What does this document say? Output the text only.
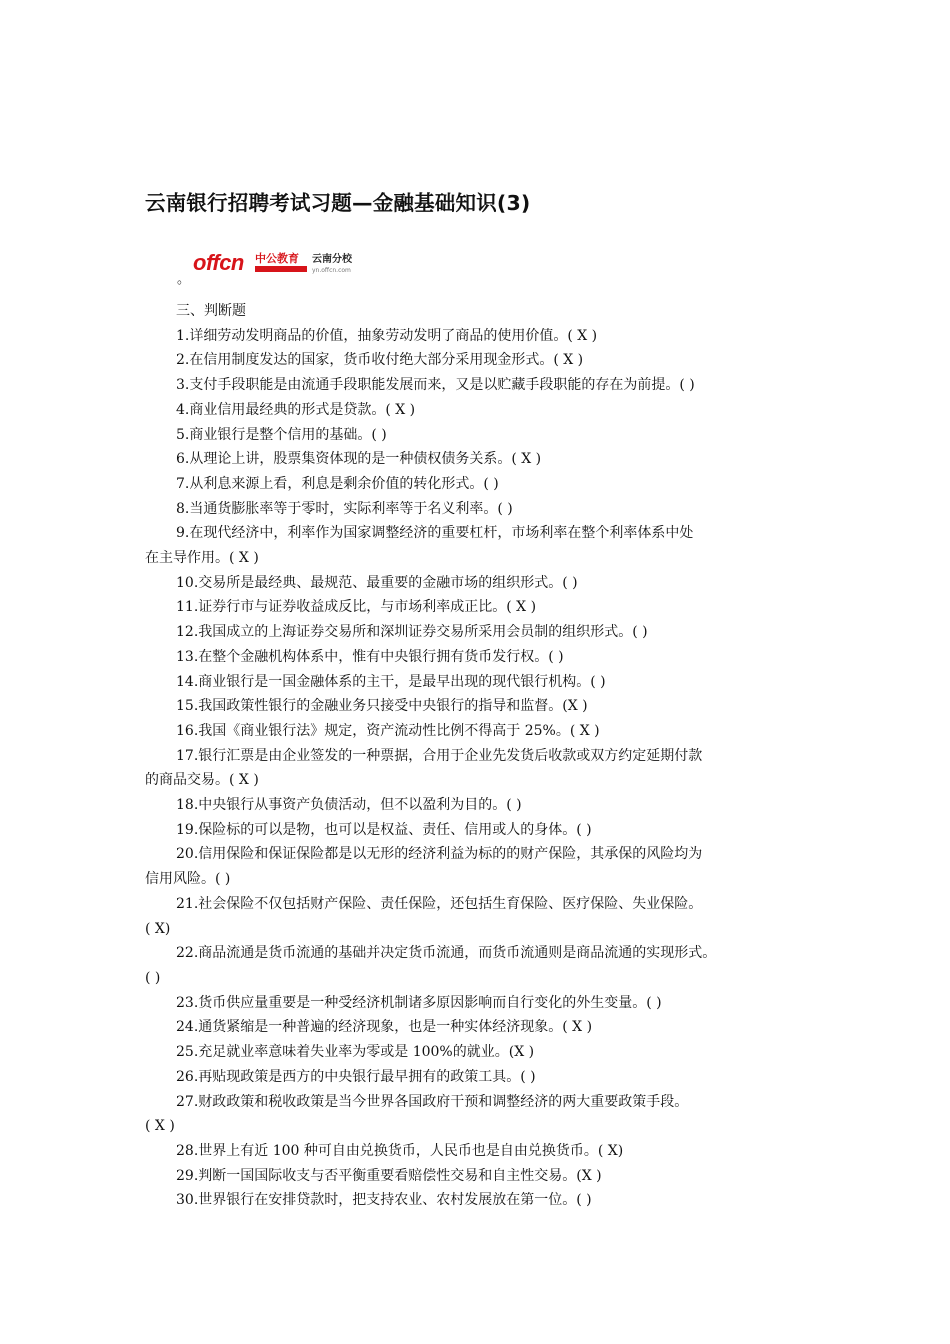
云南银行招聘考试习题—金融基础知识(3)
offcn 中公教育 云南分校
yn.offcn.com
。
三、判断题
1.详细劳动发明商品的价值，抽象劳动发明了商品的使用价值。( X )
2.在信用制度发达的国家，货币收付绝大部分采用现金形式。( X )
3.支付手段职能是由流通手段职能发展而来，又是以贮藏手段职能的存在为前提。( )
4.商业信用最经典的形式是贷款。( X )
5.商业银行是整个信用的基础。( )
6.从理论上讲，股票集资体现的是一种债权债务关系。( X )
7.从利息来源上看，利息是剩余价值的转化形式。( )
8.当通货膨胀率等于零时，实际利率等于名义利率。( )
9.在现代经济中，利率作为国家调整经济的重要杠杆，市场利率在整个利率体系中处
在主导作用。( X )
10.交易所是最经典、最规范、最重要的金融市场的组织形式。( )
11.证券行市与证券收益成反比，与市场利率成正比。( X )
12.我国成立的上海证券交易所和深圳证券交易所采用会员制的组织形式。( )
13.在整个金融机构体系中，惟有中央银行拥有货币发行权。( )
14.商业银行是一国金融体系的主干，是最早出现的现代银行机构。( )
15.我国政策性银行的金融业务只接受中央银行的指导和监督。(X )
16.我国《商业银行法》规定，资产流动性比例不得高于 25%。( X )
17.银行汇票是由企业签发的一种票据，合用于企业先发货后收款或双方约定延期付款
的商品交易。( X )
18.中央银行从事资产负债活动，但不以盈利为目的。( )
19.保险标的可以是物，也可以是权益、责任、信用或人的身体。( )
20.信用保险和保证保险都是以无形的经济利益为标的的财产保险，其承保的风险均为
信用风险。( )
21.社会保险不仅包括财产保险、责任保险，还包括生育保险、医疗保险、失业保险。
( X)
22.商品流通是货币流通的基础并决定货币流通，而货币流通则是商品流通的实现形式。
( )
23.货币供应量重要是一种受经济机制诸多原因影响而自行变化的外生变量。( )
24.通货紧缩是一种普遍的经济现象，也是一种实体经济现象。( X )
25.充足就业率意味着失业率为零或是 100%的就业。(X )
26.再贴现政策是西方的中央银行最早拥有的政策工具。( )
27.财政政策和税收政策是当今世界各国政府干预和调整经济的两大重要政策手段。
( X )
28.世界上有近 100 种可自由兑换货币，人民币也是自由兑换货币。( X)
29.判断一国国际收支与否平衡重要看赔偿性交易和自主性交易。(X )
30.世界银行在安排贷款时，把支持农业、农村发展放在第一位。( )
